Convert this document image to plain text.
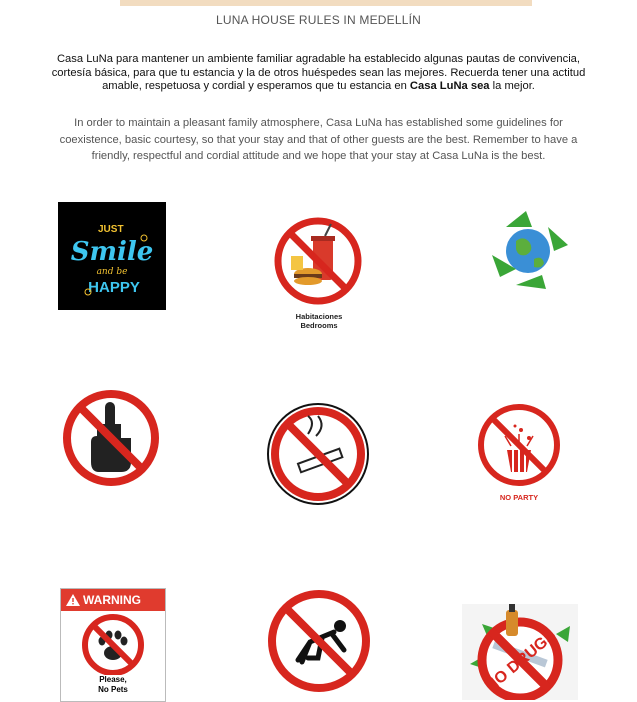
LUNA HOUSE RULES IN MEDELLÍN
Casa LuNa para mantener un ambiente familiar agradable ha establecido algunas pautas de convivencia, cortesía básica, para que tu estancia y la de otros huéspedes sean las mejores. Recuerda tener una actitud amable, respetuosa y cordial y esperamos que tu estancia en Casa LuNa sea la mejor.
In order to maintain a pleasant family atmosphere, Casa LuNa has established some guidelines for coexistence, basic courtesy, so that your stay and that of other guests are the best. Remember to have a friendly, respectful and cordial attitude and we hope that your stay at Casa LuNa is the best.
JUST
Smile
and be
HAPPY
Habitaciones
Bedrooms
NO PARTY
WARNING
Please,
No Pets	NO DRUGS
